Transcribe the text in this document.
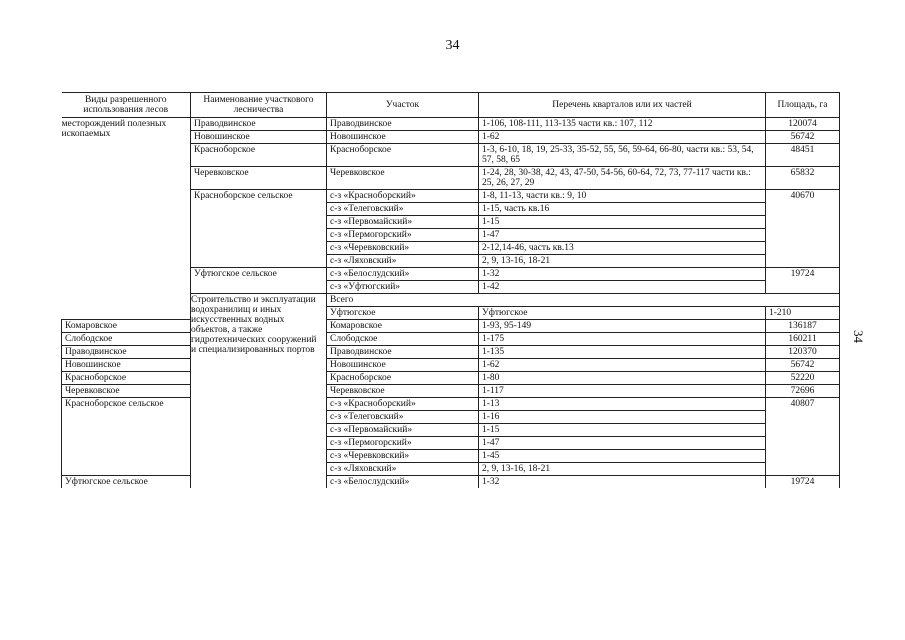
34
34
Виды разрешенного использования лесов	Наименование участкового лесничества	Участок	Перечень кварталов или их частей	Площадь, га	
месторождений полезных ископаемых	Праводвинское	Праводвинское	1-106, 108-111, 113-135 части кв.: 107, 112	120074	
	Новошинское	Новошинское	1-62	56742	
	Красноборское	Красноборское	1-3, 6-10, 18, 19, 25-33, 35-52, 55, 56, 59-64, 66-80, части кв.: 53, 54, 57, 58, 65	48451	
	Черевковское	Черевковское	1-24, 28, 30-38, 42, 43, 47-50, 54-56, 60-64, 72, 73, 77-117 части кв.: 25, 26, 27, 29	65832	
	Красноборское сельское	с-з «Красноборский»	1-8, 11-13, части кв.: 9, 10	40670	
		с-з «Телеговский»	1-15, часть кв.16		
		с-з «Первомайский»	1-15		
		с-з «Пермогорский»	1-47		
		с-з «Черевковский»	2-12,14-46, часть кв.13		
		с-з «Ляховский»	2, 9, 13-16, 18-21		
	Уфтюгское сельское	с-з «Белослудский»	1-32	19724	
		с-з «Уфтюгский»	1-42		
	Строительство и эксплуатации водохранилищ и иных искусственных водных объектов, а также гидротехнических сооружений и специализированных портов	Всего	
		Уфтюгское	Уфтюгское	1-210	
Комаровское		Комаровское	1-93, 95-149	136187	
Слободское		Слободское	1-175	160211	
Праводвинское		Праводвинское	1-135	120370	
Новошинское		Новошинское	1-62	56742	
Красноборское		Красноборское	1-80	52220	
Черевковское		Черевковское	1-117	72696	
Красноборское сельское		с-з «Красноборский»	1-13	40807	
		с-з «Телеговский»	1-16		
		с-з «Первомайский»	1-15		
		с-з «Пермогорский»	1-47		
		с-з «Черевковский»	1-45		
		с-з «Ляховский»	2, 9, 13-16, 18-21		
Уфтюгское сельское		с-з «Белослудский»	1-32	19724	
